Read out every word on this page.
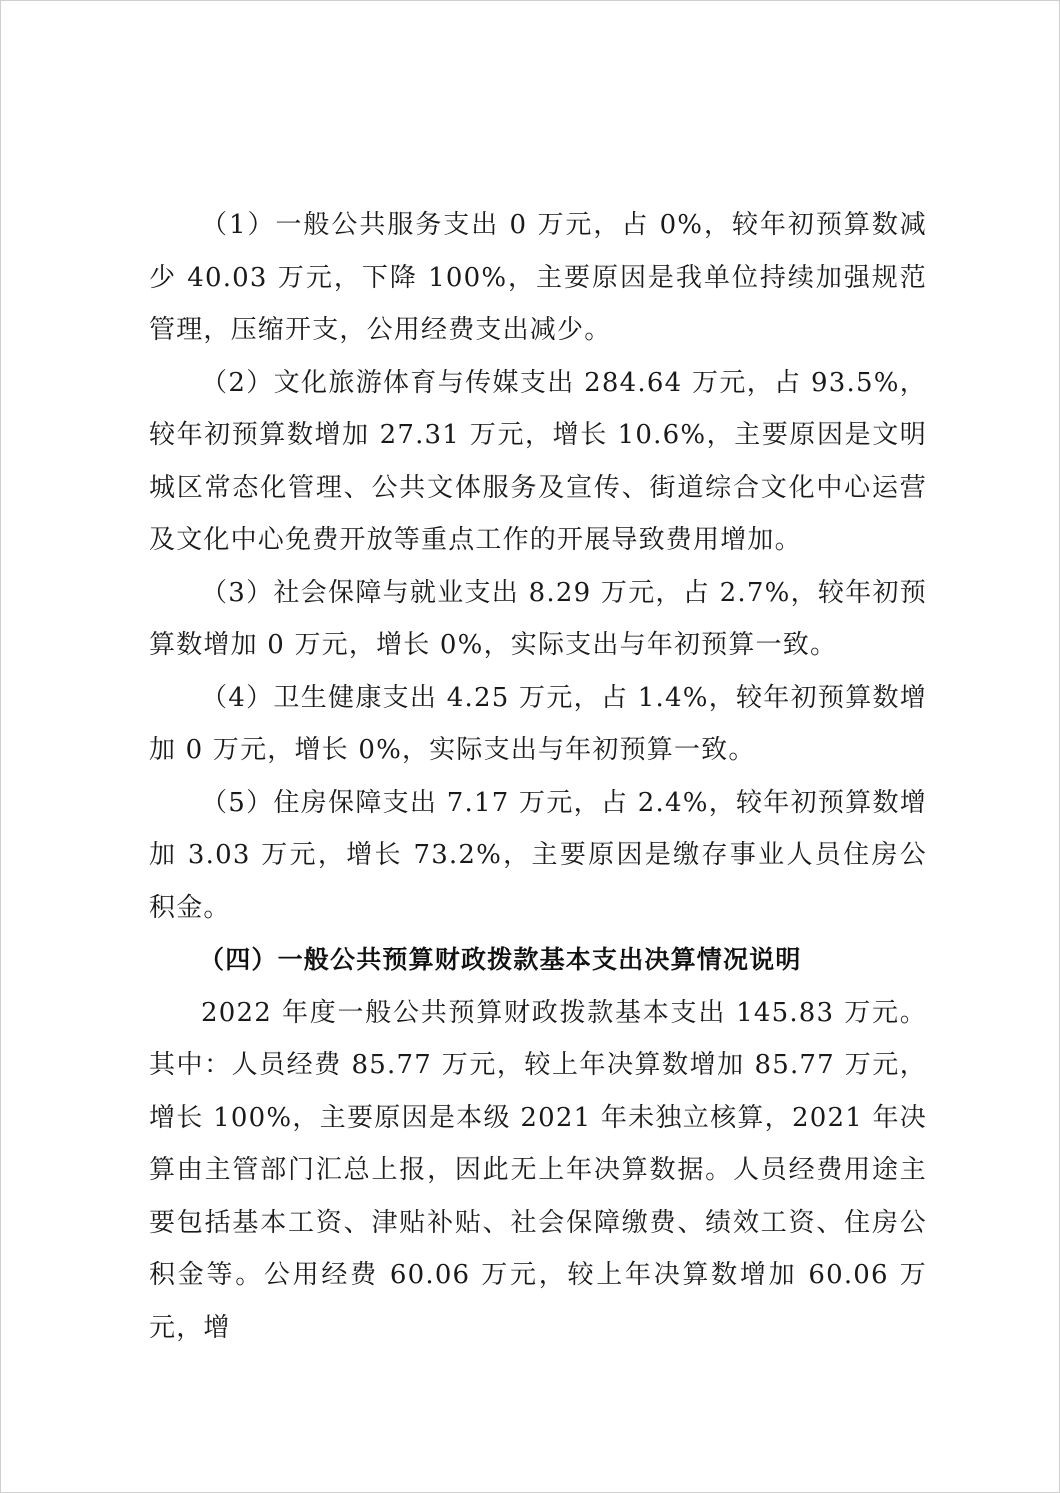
（1）一般公共服务支出 0 万元，占 0%，较年初预算数减少 40.03 万元，下降 100%，主要原因是我单位持续加强规范管理，压缩开支，公用经费支出减少。

（2）文化旅游体育与传媒支出 284.64 万元，占 93.5%，较年初预算数增加 27.31 万元，增长 10.6%，主要原因是文明城区常态化管理、公共文体服务及宣传、街道综合文化中心运营及文化中心免费开放等重点工作的开展导致费用增加。

（3）社会保障与就业支出 8.29 万元，占 2.7%，较年初预算数增加 0 万元，增长 0%，实际支出与年初预算一致。

（4）卫生健康支出 4.25 万元，占 1.4%，较年初预算数增加 0 万元，增长 0%，实际支出与年初预算一致。

（5）住房保障支出 7.17 万元，占 2.4%，较年初预算数增加 3.03 万元，增长 73.2%，主要原因是缴存事业人员住房公积金。

（四）一般公共预算财政拨款基本支出决算情况说明

2022 年度一般公共预算财政拨款基本支出 145.83 万元。其中：人员经费 85.77 万元，较上年决算数增加 85.77 万元，增长 100%，主要原因是本级 2021 年未独立核算，2021 年决算由主管部门汇总上报，因此无上年决算数据。人员经费用途主要包括基本工资、津贴补贴、社会保障缴费、绩效工资、住房公积金等。公用经费 60.06 万元，较上年决算数增加 60.06 万元，增
